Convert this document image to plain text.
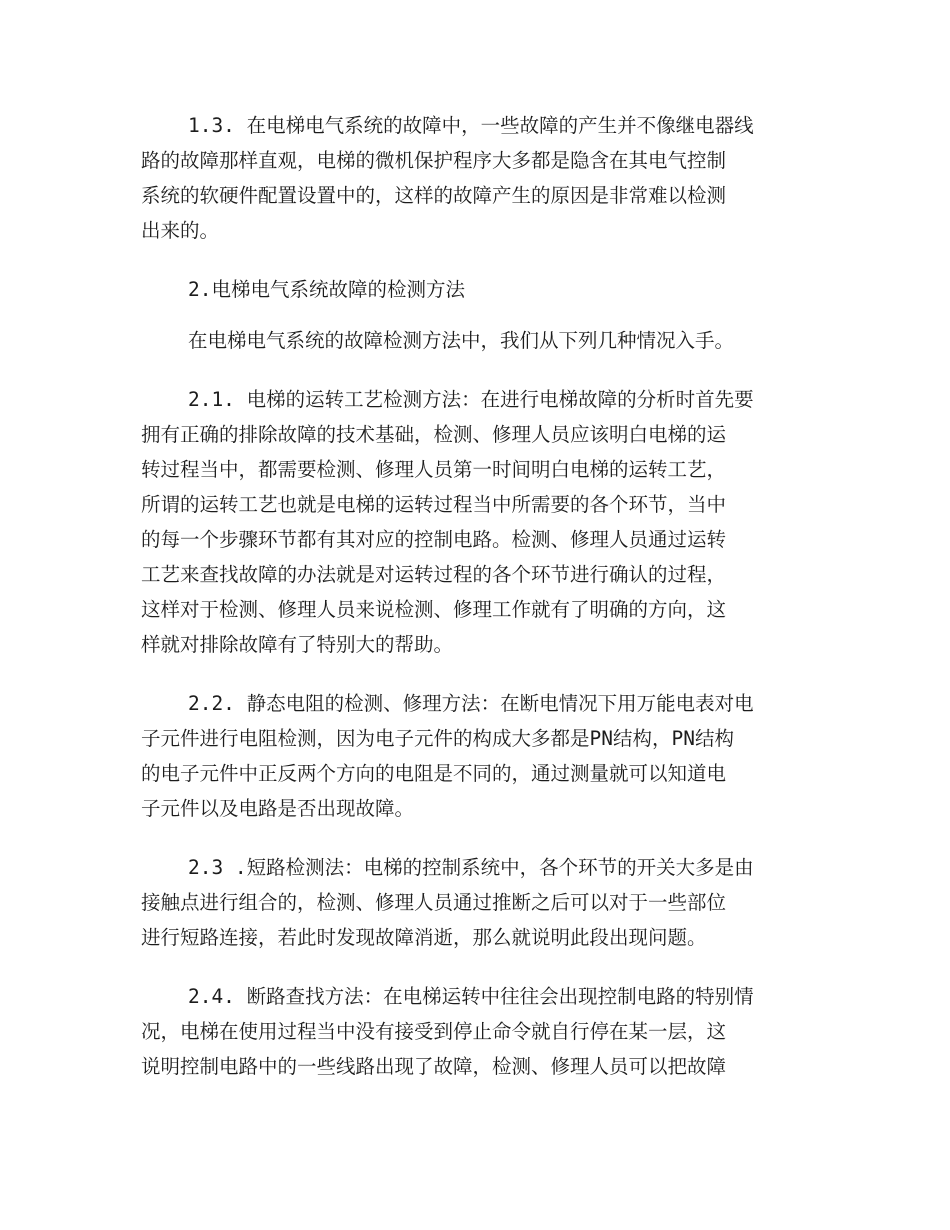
1.3. 在电梯电气系统的故障中，一些故障的产生并不像继电器线
路的故障那样直观，电梯的微机保护程序大多都是隐含在其电气控制
系统的软硬件配置设置中的，这样的故障产生的原因是非常难以检测
出来的。
2.电梯电气系统故障的检测方法
在电梯电气系统的故障检测方法中，我们从下列几种情况入手。
2.1. 电梯的运转工艺检测方法：在进行电梯故障的分析时首先要
拥有正确的排除故障的技术基础，检测、修理人员应该明白电梯的运
转过程当中，都需要检测、修理人员第一时间明白电梯的运转工艺，
所谓的运转工艺也就是电梯的运转过程当中所需要的各个环节，当中
的每一个步骤环节都有其对应的控制电路。检测、修理人员通过运转
工艺来查找故障的办法就是对运转过程的各个环节进行确认的过程，
这样对于检测、修理人员来说检测、修理工作就有了明确的方向，这
样就对排除故障有了特别大的帮助。
2.2. 静态电阻的检测、修理方法：在断电情况下用万能电表对电
子元件进行电阻检测，因为电子元件的构成大多都是PN结构，PN结构
的电子元件中正反两个方向的电阻是不同的，通过测量就可以知道电
子元件以及电路是否出现故障。
2.3 .短路检测法：电梯的控制系统中，各个环节的开关大多是由
接触点进行组合的，检测、修理人员通过推断之后可以对于一些部位
进行短路连接，若此时发现故障消逝，那么就说明此段出现问题。
2.4. 断路查找方法：在电梯运转中往往会出现控制电路的特别情
况，电梯在使用过程当中没有接受到停止命令就自行停在某一层，这
说明控制电路中的一些线路出现了故障，检测、修理人员可以把故障
